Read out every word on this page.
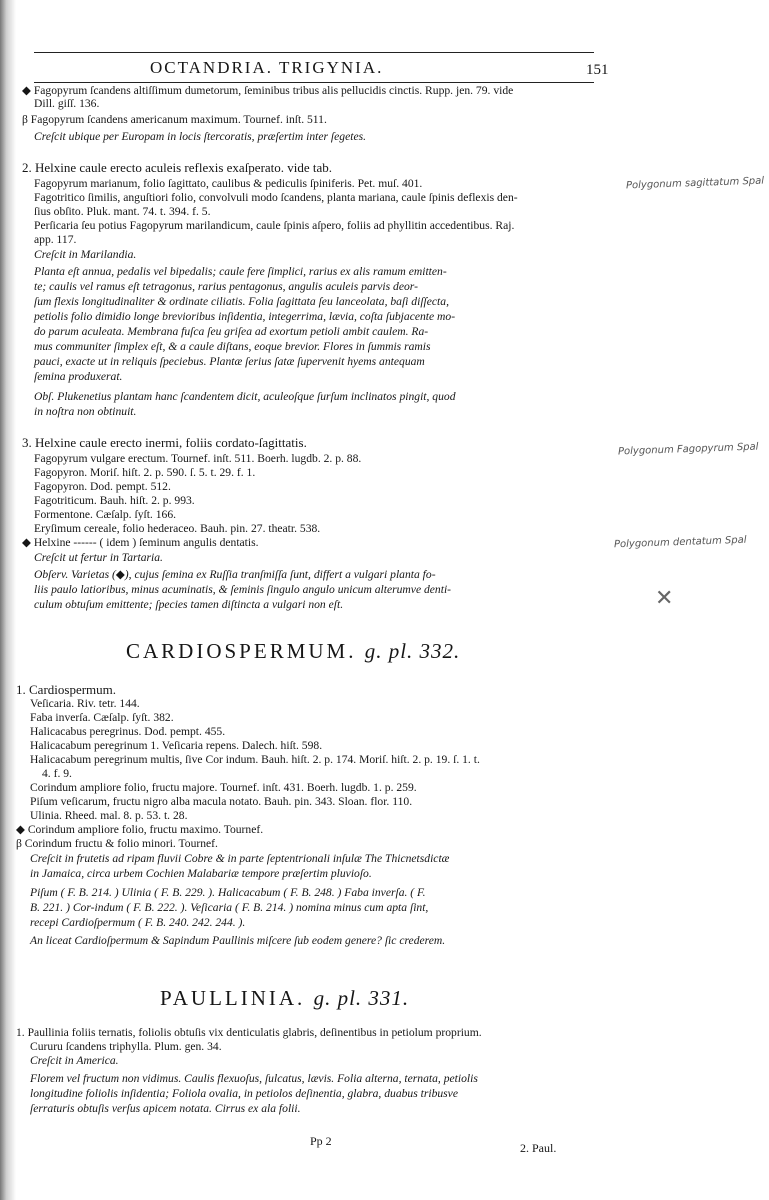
OCTANDRIA. TRIGYNIA.	151
◆ Fagopyrum ſcandens altiſſimum dumetorum, ſeminibus tribus alis pellucidis cinctis. Rupp. jen. 79. vide
Dill. giſſ. 136.
β Fagopyrum ſcandens americanum maximum. Tournef. inſt. 511.
Creſcit ubique per Europam in locis ſtercoratis, præſertim inter ſegetes.
2. Helxine caule erecto aculeis reflexis exaſperato. vide tab.
Fagopyrum marianum, folio ſagittato, caulibus & pediculis ſpiniferis. Pet. muſ. 401.
Fagotritico ſimilis, anguſtiori folio, convolvuli modo ſcandens, planta mariana, caule ſpinis deflexis den-
ſius obſito. Pluk. mant. 74. t. 394. f. 5.
Perſicaria ſeu potius Fagopyrum marilandicum, caule ſpinis aſpero, foliis ad phyllitin accedentibus. Raj.
app. 117.
Creſcit in Marilandia.
Planta eſt annua, pedalis vel bipedalis; caule fere ſimplici, rarius ex alis ramum emitten-
te; caulis vel ramus eſt tetragonus, rarius pentagonus, angulis aculeis parvis deor-
ſum flexis longitudinaliter & ordinate ciliatis. Folia ſagittata ſeu lanceolata, baſi diſſecta,
petiolis folio dimidio longe brevioribus inſidentia, integerrima, lævia, coſta ſubjacente mo-
do parum aculeata. Membrana fuſca ſeu griſea ad exortum petioli ambit caulem. Ra-
mus communiter ſimplex eſt, & a caule diſtans, eoque brevior. Flores in ſummis ramis
pauci, exacte ut in reliquis ſpeciebus. Plantæ ſerius ſatæ ſupervenit hyems antequam
ſemina produxerat.
Obſ. Plukenetius plantam hanc ſcandentem dicit, aculeoſque ſurſum inclinatos pingit, quod
in noſtra non obtinuit.
3. Helxine caule erecto inermi, foliis cordato-ſagittatis.
Fagopyrum vulgare erectum. Tournef. inſt. 511. Boerh. lugdb. 2. p. 88.
Fagopyron. Moriſ. hiſt. 2. p. 590. ſ. 5. t. 29. f. 1.
Fagopyron. Dod. pempt. 512.
Fagotriticum. Bauh. hiſt. 2. p. 993.
Formentone. Cæſalp. ſyſt. 166.
Eryſimum cereale, folio hederaceo. Bauh. pin. 27. theatr. 538.
◆ Helxine ------ ( idem ) ſeminum angulis dentatis.
Creſcit ut fertur in Tartaria.
Obſerv. Varietas (◆), cujus ſemina ex Ruſſia tranſmiſſa ſunt, differt a vulgari planta fo-
liis paulo latioribus, minus acuminatis, & ſeminis ſingulo angulo unicum alterumve denti-
culum obtuſum emittente; ſpecies tamen diſtincta a vulgari non eſt.
CARDIOSPERMUM. g. pl. 332.
1. Cardiospermum.
Veſicaria. Riv. tetr. 144.
Faba inverſa. Cæſalp. ſyſt. 382.
Halicacabus peregrinus. Dod. pempt. 455.
Halicacabum peregrinum 1. Veſicaria repens. Dalech. hiſt. 598.
Halicacabum peregrinum multis, ſive Cor indum. Bauh. hiſt. 2. p. 174. Moriſ. hiſt. 2. p. 19. ſ. 1. t.
4. f. 9.
Corindum ampliore folio, fructu majore. Tournef. inſt. 431. Boerh. lugdb. 1. p. 259.
Piſum veſicarum, fructu nigro alba macula notato. Bauh. pin. 343. Sloan. flor. 110.
Ulinia. Rheed. mal. 8. p. 53. t. 28.
◆ Corindum ampliore folio, fructu maximo. Tournef.
β Corindum fructu & folio minori. Tournef.
Creſcit in frutetis ad ripam fluvii Cobre & in parte ſeptentrionali inſulæ The Thicnetsdictæ
in Jamaica, circa urbem Cochien Malabariæ tempore præſertim pluvioſo.
Piſum ( F. B. 214. ) Ulinia ( F. B. 229. ). Halicacabum ( F. B. 248. ) Faba inverſa. ( F.
B. 221. ) Cor-indum ( F. B. 222. ). Veſicaria ( F. B. 214. ) nomina minus cum apta ſint,
recepi Cardioſpermum ( F. B. 240. 242. 244. ).
An liceat Cardioſpermum & Sapindum Paullinis miſcere ſub eodem genere? ſic crederem.
PAULLINIA. g. pl. 331.
1. Paullinia foliis ternatis, foliolis obtuſis vix denticulatis glabris, deſinentibus in petiolum proprium.
Cururu ſcandens triphylla. Plum. gen. 34.
Creſcit in America.
Florem vel fructum non vidimus. Caulis flexuoſus, ſulcatus, lævis. Folia alterna, ternata, petiolis
longitudine foliolis inſidentia; Foliola ovalia, in petiolos deſinentia, glabra, duabus tribusve
ſerraturis obtuſis verſus apicem notata. Cirrus ex ala folii.
Polygonum sagittatum Spal
Polygonum Fagopyrum Spal
Polygonum dentatum Spal
✕
Pp 2	2. Paul.
